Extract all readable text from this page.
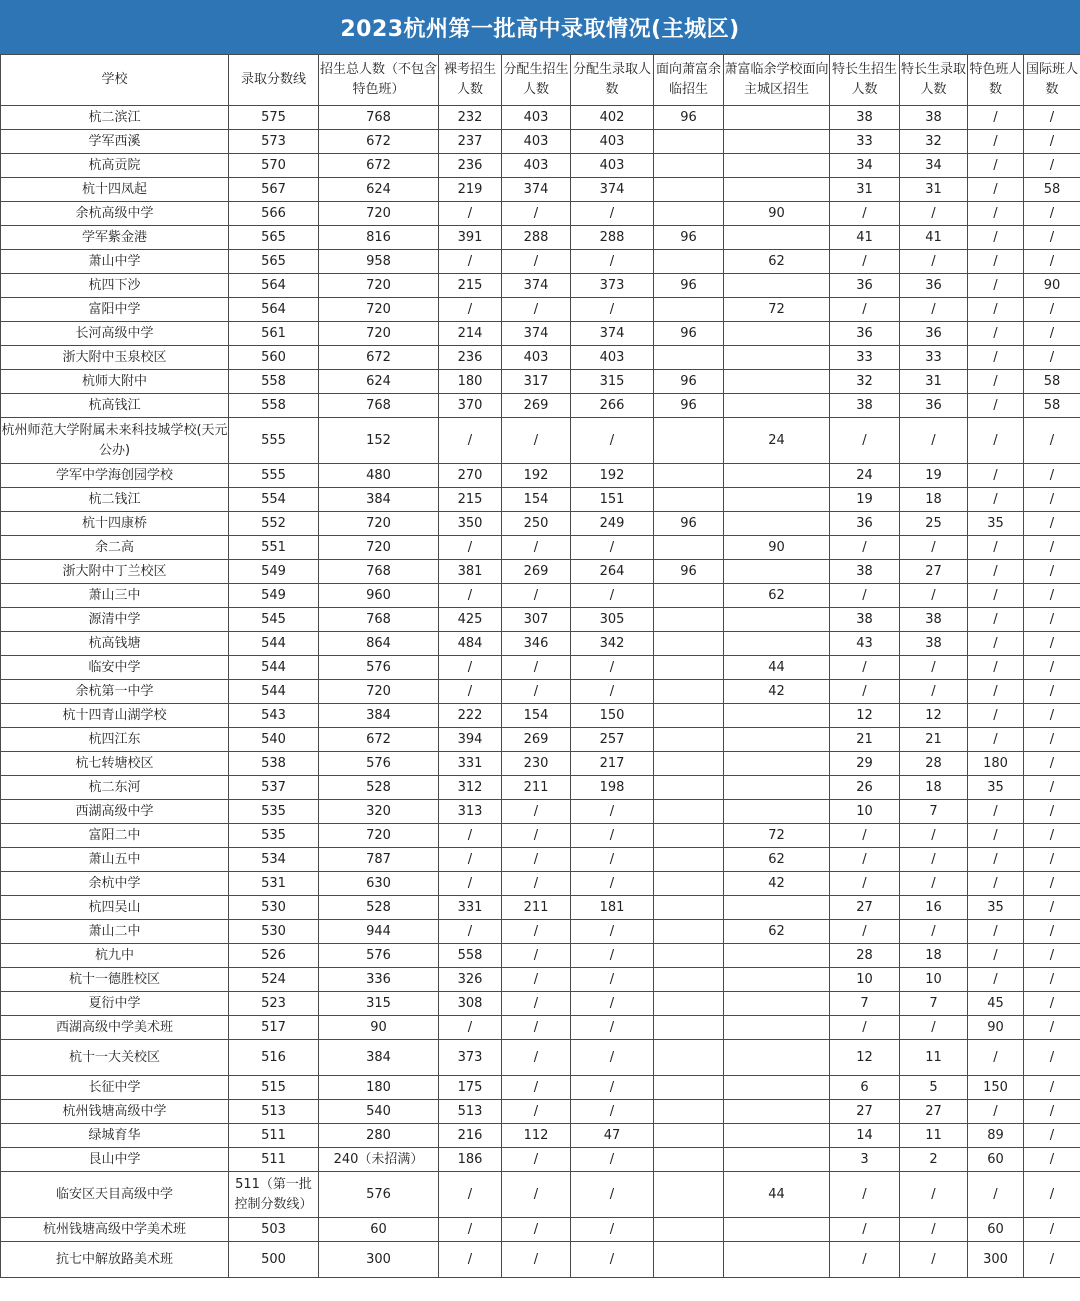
2023杭州第一批高中录取情况(主城区)
学校	录取分数线	招生总人数（不包含特色班）	裸考招生人数	分配生招生人数	分配生录取人数	面向萧富余临招生	萧富临余学校面向主城区招生	特长生招生人数	特长生录取人数	特色班人数	国际班人数
杭二滨江	575	768	232	403	402	96		38	38	/	/
学军西溪	573	672	237	403	403			33	32	/	/
杭高贡院	570	672	236	403	403			34	34	/	/
杭十四凤起	567	624	219	374	374			31	31	/	58
余杭高级中学	566	720	/	/	/		90	/	/	/	/
学军紫金港	565	816	391	288	288	96		41	41	/	/
萧山中学	565	958	/	/	/		62	/	/	/	/
杭四下沙	564	720	215	374	373	96		36	36	/	90
富阳中学	564	720	/	/	/		72	/	/	/	/
长河高级中学	561	720	214	374	374	96		36	36	/	/
浙大附中玉泉校区	560	672	236	403	403			33	33	/	/
杭师大附中	558	624	180	317	315	96		32	31	/	58
杭高钱江	558	768	370	269	266	96		38	36	/	58
杭州师范大学附属未来科技城学校(天元公办)	555	152	/	/	/		24	/	/	/	/
学军中学海创园学校	555	480	270	192	192			24	19	/	/
杭二钱江	554	384	215	154	151			19	18	/	/
杭十四康桥	552	720	350	250	249	96		36	25	35	/
余二高	551	720	/	/	/		90	/	/	/	/
浙大附中丁兰校区	549	768	381	269	264	96		38	27	/	/
萧山三中	549	960	/	/	/		62	/	/	/	/
源清中学	545	768	425	307	305			38	38	/	/
杭高钱塘	544	864	484	346	342			43	38	/	/
临安中学	544	576	/	/	/		44	/	/	/	/
余杭第一中学	544	720	/	/	/		42	/	/	/	/
杭十四青山湖学校	543	384	222	154	150			12	12	/	/
杭四江东	540	672	394	269	257			21	21	/	/
杭七转塘校区	538	576	331	230	217			29	28	180	/
杭二东河	537	528	312	211	198			26	18	35	/
西湖高级中学	535	320	313	/	/			10	7	/	/
富阳二中	535	720	/	/	/		72	/	/	/	/
萧山五中	534	787	/	/	/		62	/	/	/	/
余杭中学	531	630	/	/	/		42	/	/	/	/
杭四吴山	530	528	331	211	181			27	16	35	/
萧山二中	530	944	/	/	/		62	/	/	/	/
杭九中	526	576	558	/	/			28	18	/	/
杭十一德胜校区	524	336	326	/	/			10	10	/	/
夏衍中学	523	315	308	/	/			7	7	45	/
西湖高级中学美术班	517	90	/	/	/			/	/	90	/
杭十一大关校区	516	384	373	/	/			12	11	/	/
长征中学	515	180	175	/	/			6	5	150	/
杭州钱塘高级中学	513	540	513	/	/			27	27	/	/
绿城育华	511	280	216	112	47			14	11	89	/
艮山中学	511	240（未招满）	186	/	/			3	2	60	/
临安区天目高级中学	511（第一批控制分数线）	576	/	/	/		44	/	/	/	/
杭州钱塘高级中学美术班	503	60	/	/	/			/	/	60	/
抗七中解放路美术班	500	300	/	/	/			/	/	300	/
